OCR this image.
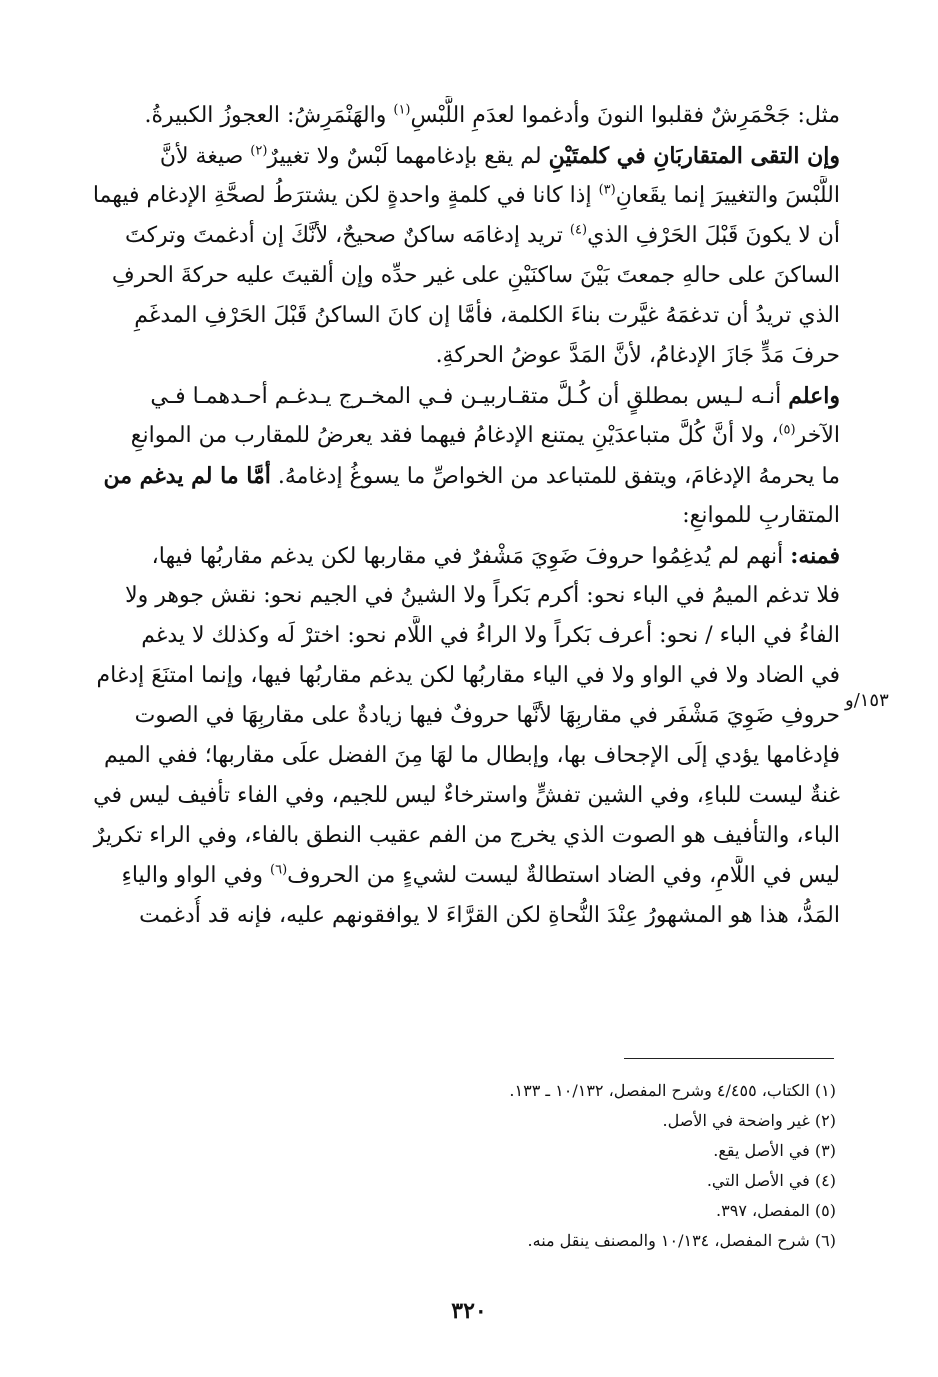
مثل: جَحْمَرِشٌ فقلبوا النونَ وأدغموا لعدَمِ اللَّبْسِ$^{(١)}$ والهَنْمَرِشُ: العجوزُ الكبيرةُ.
وإن التقى المتقاربَانِ في كلمتَيْنِ لم يقع بإدغامهما لَبْسٌ ولا تغييرٌ$^{(٢)}$ صيغة لأنَّ
اللَّبْسَ والتغييرَ إنما يقَعانِ$^{(٣)}$ إذا كانا في كلمةٍ واحدةٍ لكن يشترَطُ لصحَّةِ الإدغام فيهما
أن لا يكونَ قَبْلَ الحَرْفِ الذي$^{(٤)}$ تريد إدغامَه ساكنٌ صحيحٌ، لأنَّكَ إن أدغمتَ وتركتَ
الساكنَ على حالهِ جمعتَ بَيْنَ ساكنَيْنِ على غير حدِّه وإن ألقيتَ عليه حركةَ الحرفِ
الذي تريدُ أن تدغمَهُ غيَّرت بناءَ الكلمة، فأمَّا إن كانَ الساكنُ قَبْلَ الحَرْفِ المدغَمِ
حرفَ مَدٍّ جَازَ الإدغامُ، لأنَّ المَدَّ عوضُ الحركةِ.
واعلم أنـه لـيس بمطلقٍ أن كُـلَّ متقـاربيـن فـي المخـرج يـدغـم أحـدهمـا فـي
الآخر$^{(٥)}$، ولا أنَّ كُلَّ متباعدَيْنِ يمتنع الإدغامُ فيهما فقد يعرضُ للمقارب من الموانعِ
ما يحرمهُ الإدغامَ، ويتفق للمتباعد من الخواصِّ ما يسوغُ إدغامهُ. أمَّا ما لم يدغم من
المتقاربِ للموانعِ:
فمنه: أنهم لم يُدغِمُوا حروفَ ضَوِيَ مَشْفرٌ في مقاربها لكن يدغم مقاربُها فيها،
فلا تدغم الميمُ في الباء نحو: أكرم بَكراً ولا الشينُ في الجيم نحو: نقش جوهر ولا
الفاءُ في الباء / نحو: أعرف بَكراً ولا الراءُ في اللَّام نحو: اخترْ لَه وكذلك لا يدغم
في الضاد ولا في الواو ولا في الياء مقاربُها لكن يدغم مقاربُها فيها، وإنما امتنَعَ إدغام
حروفِ ضَوِيَ مَشْفَر في مقاربِهَا لأنَّها حروفٌ فيها زيادةٌ على مقاربِهَا في الصوت
فإدغامها يؤدي إلَى الإجحاف بها، وإبطال ما لهَا مِنَ الفضل علَى مقاربها؛ ففي الميم
غنةٌ ليست للباءِ، وفي الشين تفشٍّ واسترخاءٌ ليس للجيم، وفي الفاء تأفيف ليس في
الباء، والتأفيف هو الصوت الذي يخرج من الفم عقيب النطق بالفاء، وفي الراء تكريرٌ
ليس في اللَّامِ، وفي الضاد استطالةٌ ليست لشيءٍ من الحروف$^{(٦)}$ وفي الواو والياءِ
المَدُّ، هذا هو المشهورُ عِنْدَ النُّحاةِ لكن القرَّاءَ لا يوافقونهم عليه، فإنه قد أُدغمت
١٥٣/و
(١) الكتاب، ٤/٤٥٥ وشرح المفصل، ١٠/١٣٢ ـ ١٣٣.
(٢) غير واضحة في الأصل.
(٣) في الأصل يقع.
(٤) في الأصل التي.
(٥) المفصل، ٣٩٧.
(٦) شرح المفصل، ١٠/١٣٤ والمصنف ينقل منه.
٣٢٠
